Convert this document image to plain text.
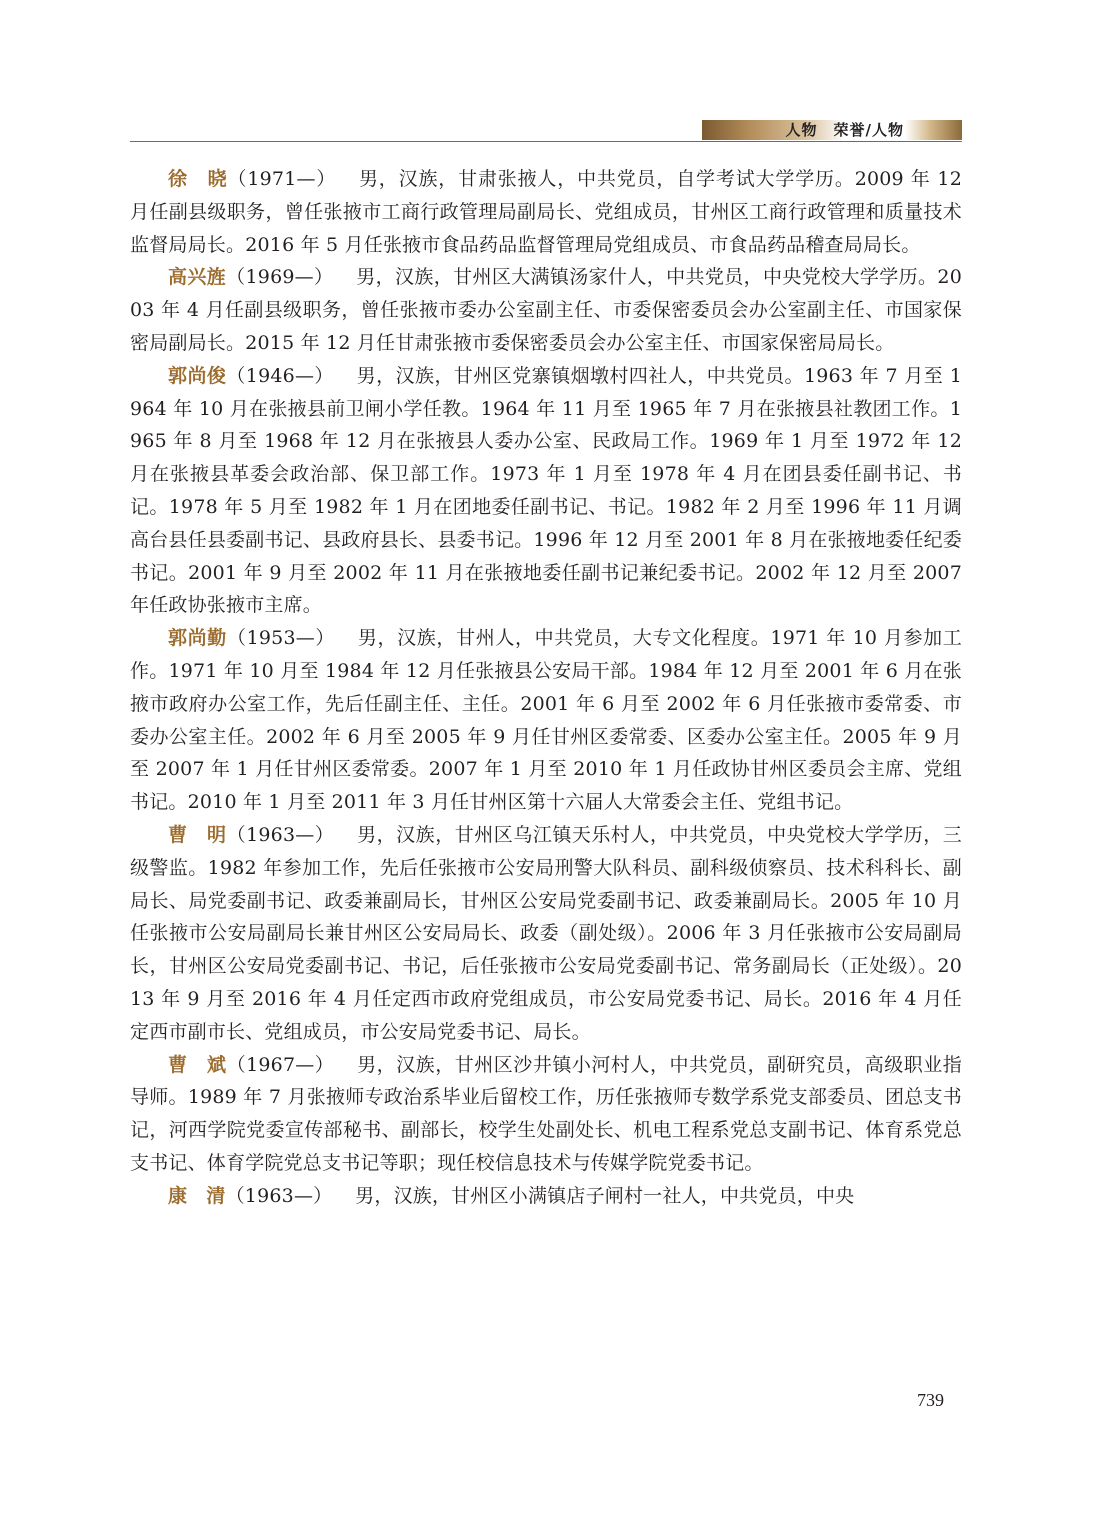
人物　荣誉/人物

徐　晓（1971—） 男，汉族，甘肃张掖人，中共党员，自学考试大学学历。2009 年 12 月任副县级职务，曾任张掖市工商行政管理局副局长、党组成员，甘州区工商行政管理和质量技术监督局局长。2016 年 5 月任张掖市食品药品监督管理局党组成员、市食品药品稽查局局长。

高兴旌（1969—） 男，汉族，甘州区大满镇汤家什人，中共党员，中央党校大学学历。2003 年 4 月任副县级职务，曾任张掖市委办公室副主任、市委保密委员会办公室副主任、市国家保密局副局长。2015 年 12 月任甘肃张掖市委保密委员会办公室主任、市国家保密局局长。

郭尚俊（1946—） 男，汉族，甘州区党寨镇烟墩村四社人，中共党员。1963 年 7 月至 1964 年 10 月在张掖县前卫闸小学任教。1964 年 11 月至 1965 年 7 月在张掖县社教团工作。1965 年 8 月至 1968 年 12 月在张掖县人委办公室、民政局工作。1969 年 1 月至 1972 年 12 月在张掖县革委会政治部、保卫部工作。1973 年 1 月至 1978 年 4 月在团县委任副书记、书记。1978 年 5 月至 1982 年 1 月在团地委任副书记、书记。1982 年 2 月至 1996 年 11 月调高台县任县委副书记、县政府县长、县委书记。1996 年 12 月至 2001 年 8 月在张掖地委任纪委书记。2001 年 9 月至 2002 年 11 月在张掖地委任副书记兼纪委书记。2002 年 12 月至 2007 年任政协张掖市主席。

郭尚勤（1953—） 男，汉族，甘州人，中共党员，大专文化程度。1971 年 10 月参加工作。1971 年 10 月至 1984 年 12 月任张掖县公安局干部。1984 年 12 月至 2001 年 6 月在张掖市政府办公室工作，先后任副主任、主任。2001 年 6 月至 2002 年 6 月任张掖市委常委、市委办公室主任。2002 年 6 月至 2005 年 9 月任甘州区委常委、区委办公室主任。2005 年 9 月至 2007 年 1 月任甘州区委常委。2007 年 1 月至 2010 年 1 月任政协甘州区委员会主席、党组书记。2010 年 1 月至 2011 年 3 月任甘州区第十六届人大常委会主任、党组书记。

曹　明（1963—） 男，汉族，甘州区乌江镇天乐村人，中共党员，中央党校大学学历，三级警监。1982 年参加工作，先后任张掖市公安局刑警大队科员、副科级侦察员、技术科科长、副局长、局党委副书记、政委兼副局长，甘州区公安局党委副书记、政委兼副局长。2005 年 10 月任张掖市公安局副局长兼甘州区公安局局长、政委（副处级）。2006 年 3 月任张掖市公安局副局长，甘州区公安局党委副书记、书记，后任张掖市公安局党委副书记、常务副局长（正处级）。2013 年 9 月至 2016 年 4 月任定西市政府党组成员，市公安局党委书记、局长。2016 年 4 月任定西市副市长、党组成员，市公安局党委书记、局长。

曹　斌（1967—） 男，汉族，甘州区沙井镇小河村人，中共党员，副研究员，高级职业指导师。1989 年 7 月张掖师专政治系毕业后留校工作，历任张掖师专数学系党支部委员、团总支书记，河西学院党委宣传部秘书、副部长，校学生处副处长、机电工程系党总支副书记、体育系党总支书记、体育学院党总支书记等职；现任校信息技术与传媒学院党委书记。

康　清（1963—） 男，汉族，甘州区小满镇店子闸村一社人，中共党员，中央

739
